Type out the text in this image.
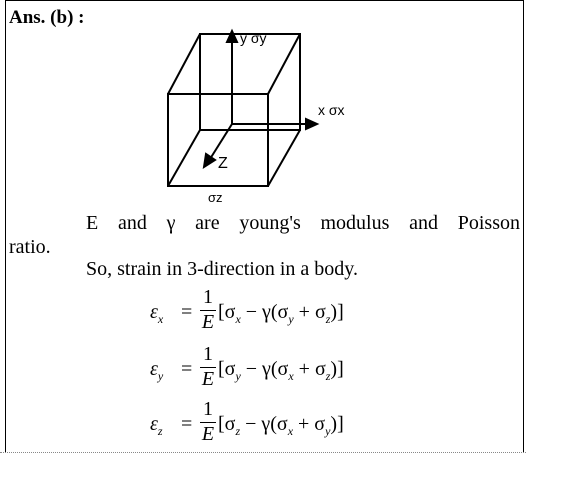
Ans. (b) :
y σy
x σx
Z
σz
E and γ are young's modulus and Poisson
ratio.
So, strain in 3-direction in a body.
$\varepsilon_x$ =
1
E $[\sigma_x - \gamma(\sigma_y + \sigma_z)]$
$\varepsilon_y$ =
1
E $[\sigma_y - \gamma(\sigma_x + \sigma_z)]$
$\varepsilon_z$ =
1
E $[\sigma_z - \gamma(\sigma_x + \sigma_y)]$
